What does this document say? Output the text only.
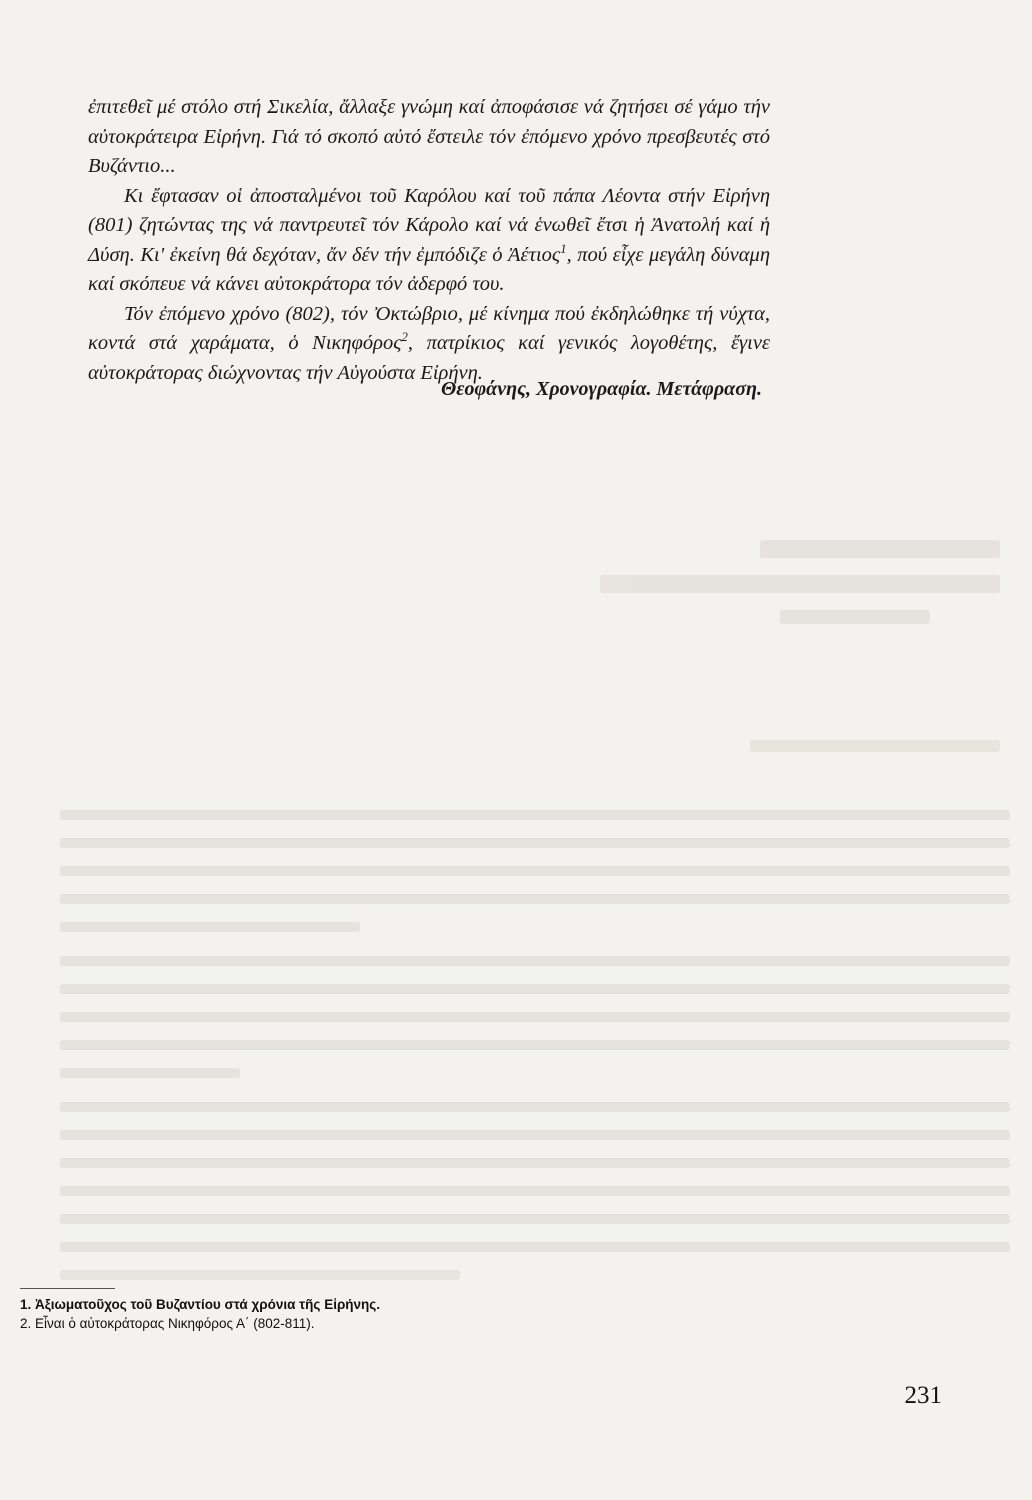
ἐπιτεθεῖ μέ στόλο στή Σικελία, ἄλλαξε γνώμη καί ἀποφάσισε νά ζητήσει σέ γάμο τήν αὐτοκράτειρα Εἰρήνη. Γιά τό σκοπό αὐτό ἔστειλε τόν ἐπόμενο χρόνο πρεσβευτές στό Βυζάντιο...

Κι ἔφτασαν οἱ ἀποσταλμένοι τοῦ Καρόλου καί τοῦ πάπα Λέοντα στήν Εἰρήνη (801) ζητώντας της νά παντρευτεῖ τόν Κάρολο καί νά ἑνωθεῖ ἔτσι ἡ Ἀνατολή καί ἡ Δύση. Κι' ἐκείνη θά δεχόταν, ἄν δέν τήν ἐμπόδιζε ὁ Ἀέτιος$^1$, πού εἶχε μεγάλη δύναμη καί σκόπευε νά κάνει αὐτοκράτορα τόν ἀδερφό του.

Τόν ἐπόμενο χρόνο (802), τόν Ὀκτώβριο, μέ κίνημα πού ἐκδηλώθηκε τή νύχτα, κοντά στά χαράματα, ὁ Νικηφόρος$^2$, πατρίκιος καί γενικός λογοθέτης, ἔγινε αὐτοκράτορας διώχνοντας τήν Αὐγούστα Εἰρήνη.

Θεοφάνης, Χρονογραφία. Μετάφραση.

1. Ἀξιωματοῦχος τοῦ Βυζαντίου στά χρόνια τῆς Εἰρήνης.

2. Εἶναι ὁ αὐτοκράτορας Νικηφόρος Α΄ (802-811).

231
